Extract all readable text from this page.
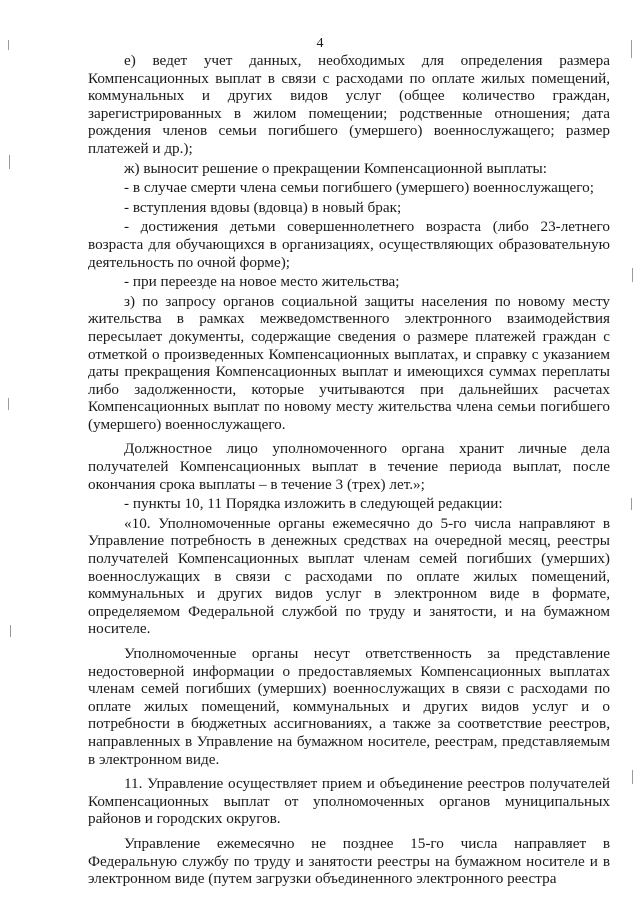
4

е) ведет учет данных, необходимых для определения размера Компенсационных выплат в связи с расходами по оплате жилых помещений, коммунальных и других видов услуг (общее количество граждан, зарегистрированных в жилом помещении; родственные отношения; дата рождения членов семьи погибшего (умершего) военнослужащего; размер платежей и др.);

ж) выносит решение о прекращении Компенсационной выплаты:

- в случае смерти члена семьи погибшего (умершего) военнослужащего;

- вступления вдовы (вдовца) в новый брак;

- достижения детьми совершеннолетнего возраста (либо 23-летнего возраста для обучающихся в организациях, осуществляющих образовательную деятельность по очной форме);

- при переезде на новое место жительства;

з) по запросу органов социальной защиты населения по новому месту жительства в рамках межведомственного электронного взаимодействия пересылает документы, содержащие сведения о размере платежей граждан с отметкой о произведенных Компенсационных выплатах, и справку с указанием даты прекращения Компенсационных выплат и имеющихся суммах переплаты либо задолженности, которые учитываются при дальнейших расчетах Компенсационных выплат по новому месту жительства члена семьи погибшего (умершего) военнослужащего.

Должностное лицо уполномоченного органа хранит личные дела получателей Компенсационных выплат в течение периода выплат, после окончания срока выплаты – в течение 3 (трех) лет.»;

- пункты 10, 11 Порядка изложить в следующей редакции:

«10. Уполномоченные органы ежемесячно до 5-го числа направляют в Управление потребность в денежных средствах на очередной месяц, реестры получателей Компенсационных выплат членам семей погибших (умерших) военнослужащих в связи с расходами по оплате жилых помещений, коммунальных и других видов услуг в электронном виде в формате, определяемом Федеральной службой по труду и занятости, и на бумажном носителе.

Уполномоченные органы несут ответственность за представление недостоверной информации о предоставляемых Компенсационных выплатах членам семей погибших (умерших) военнослужащих в связи с расходами по оплате жилых помещений, коммунальных и других видов услуг и о потребности в бюджетных ассигнованиях, а также за соответствие реестров, направленных в Управление на бумажном носителе, реестрам, представляемым в электронном виде.

11. Управление осуществляет прием и объединение реестров получателей Компенсационных выплат от уполномоченных органов муниципальных районов и городских округов.

Управление ежемесячно не позднее 15-го числа направляет в Федеральную службу по труду и занятости реестры на бумажном носителе и в электронном виде (путем загрузки объединенного электронного реестра
